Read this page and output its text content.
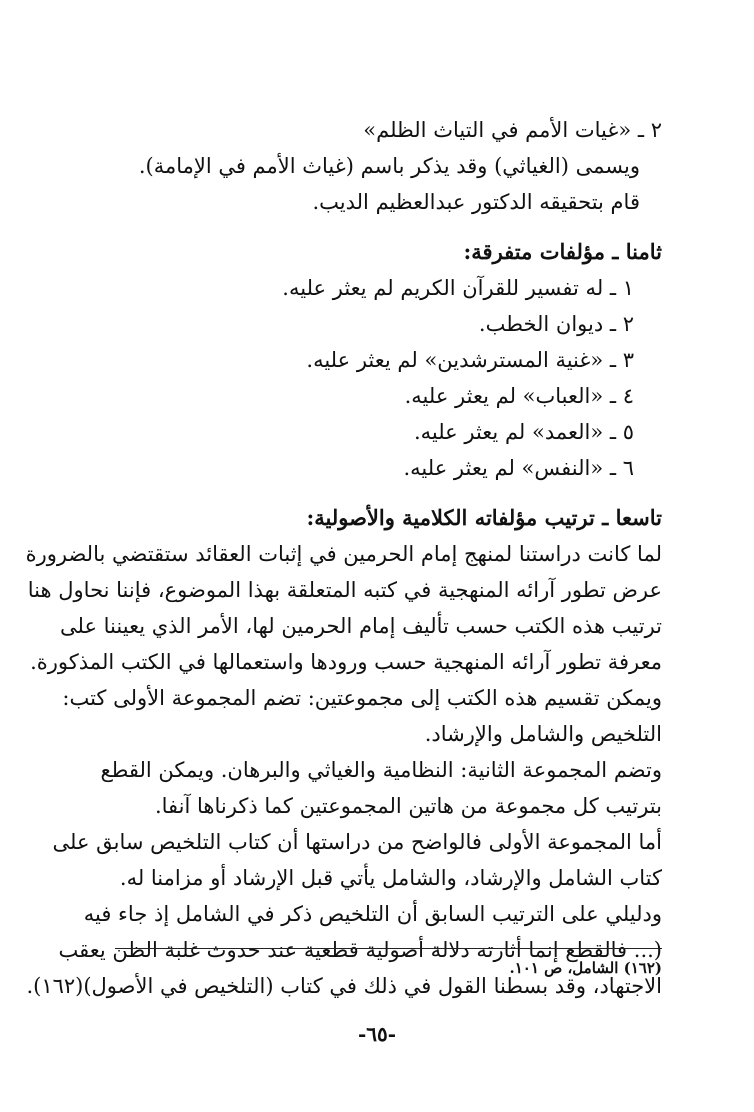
٢ ـ «غيات الأمم في التياث الظلم»
ويسمى (الغياثي) وقد يذكر باسم (غياث الأمم في الإمامة).
قام بتحقيقه الدكتور عبدالعظيم الديب.
ثامنا ـ مؤلفات متفرقة:
١ ـ له تفسير للقرآن الكريم لم يعثر عليه.
٢ ـ ديوان الخطب.
٣ ـ «غنية المسترشدين» لم يعثر عليه.
٤ ـ «العباب» لم يعثر عليه.
٥ ـ «العمد» لم يعثر عليه.
٦ ـ «النفس» لم يعثر عليه.
تاسعا ـ ترتيب مؤلفاته الكلامية والأصولية:
لما كانت دراستنا لمنهج إمام الحرمين في إثبات العقائد ستقتضي بالضرورة
عرض تطور آرائه المنهجية في كتبه المتعلقة بهذا الموضوع، فإننا نحاول هنا
ترتيب هذه الكتب حسب تأليف إمام الحرمين لها، الأمر الذي يعيننا على
معرفة تطور آرائه المنهجية حسب ورودها واستعمالها في الكتب المذكورة.
ويمكن تقسيم هذه الكتب إلى مجموعتين: تضم المجموعة الأولى كتب:
التلخيص والشامل والإرشاد.
وتضم المجموعة الثانية: النظامية والغياثي والبرهان. ويمكن القطع
بترتيب كل مجموعة من هاتين المجموعتين كما ذكرناها آنفا.
أما المجموعة الأولى فالواضح من دراستها أن كتاب التلخيص سابق على
كتاب الشامل والإرشاد، والشامل يأتي قبل الإرشاد أو مزامنا له.
ودليلي على الترتيب السابق أن التلخيص ذكر في الشامل إذ جاء فيه
(... فالقطع إنما أثارته دلالة أصولية قطعية عند حدوث غلبة الظن يعقب
الاجتهاد، وقد بسطنا القول في ذلك في كتاب (التلخيص في الأصول)(١٦٢).
(١٦٢) الشامل، ص ١٠١.
-٦٥-
